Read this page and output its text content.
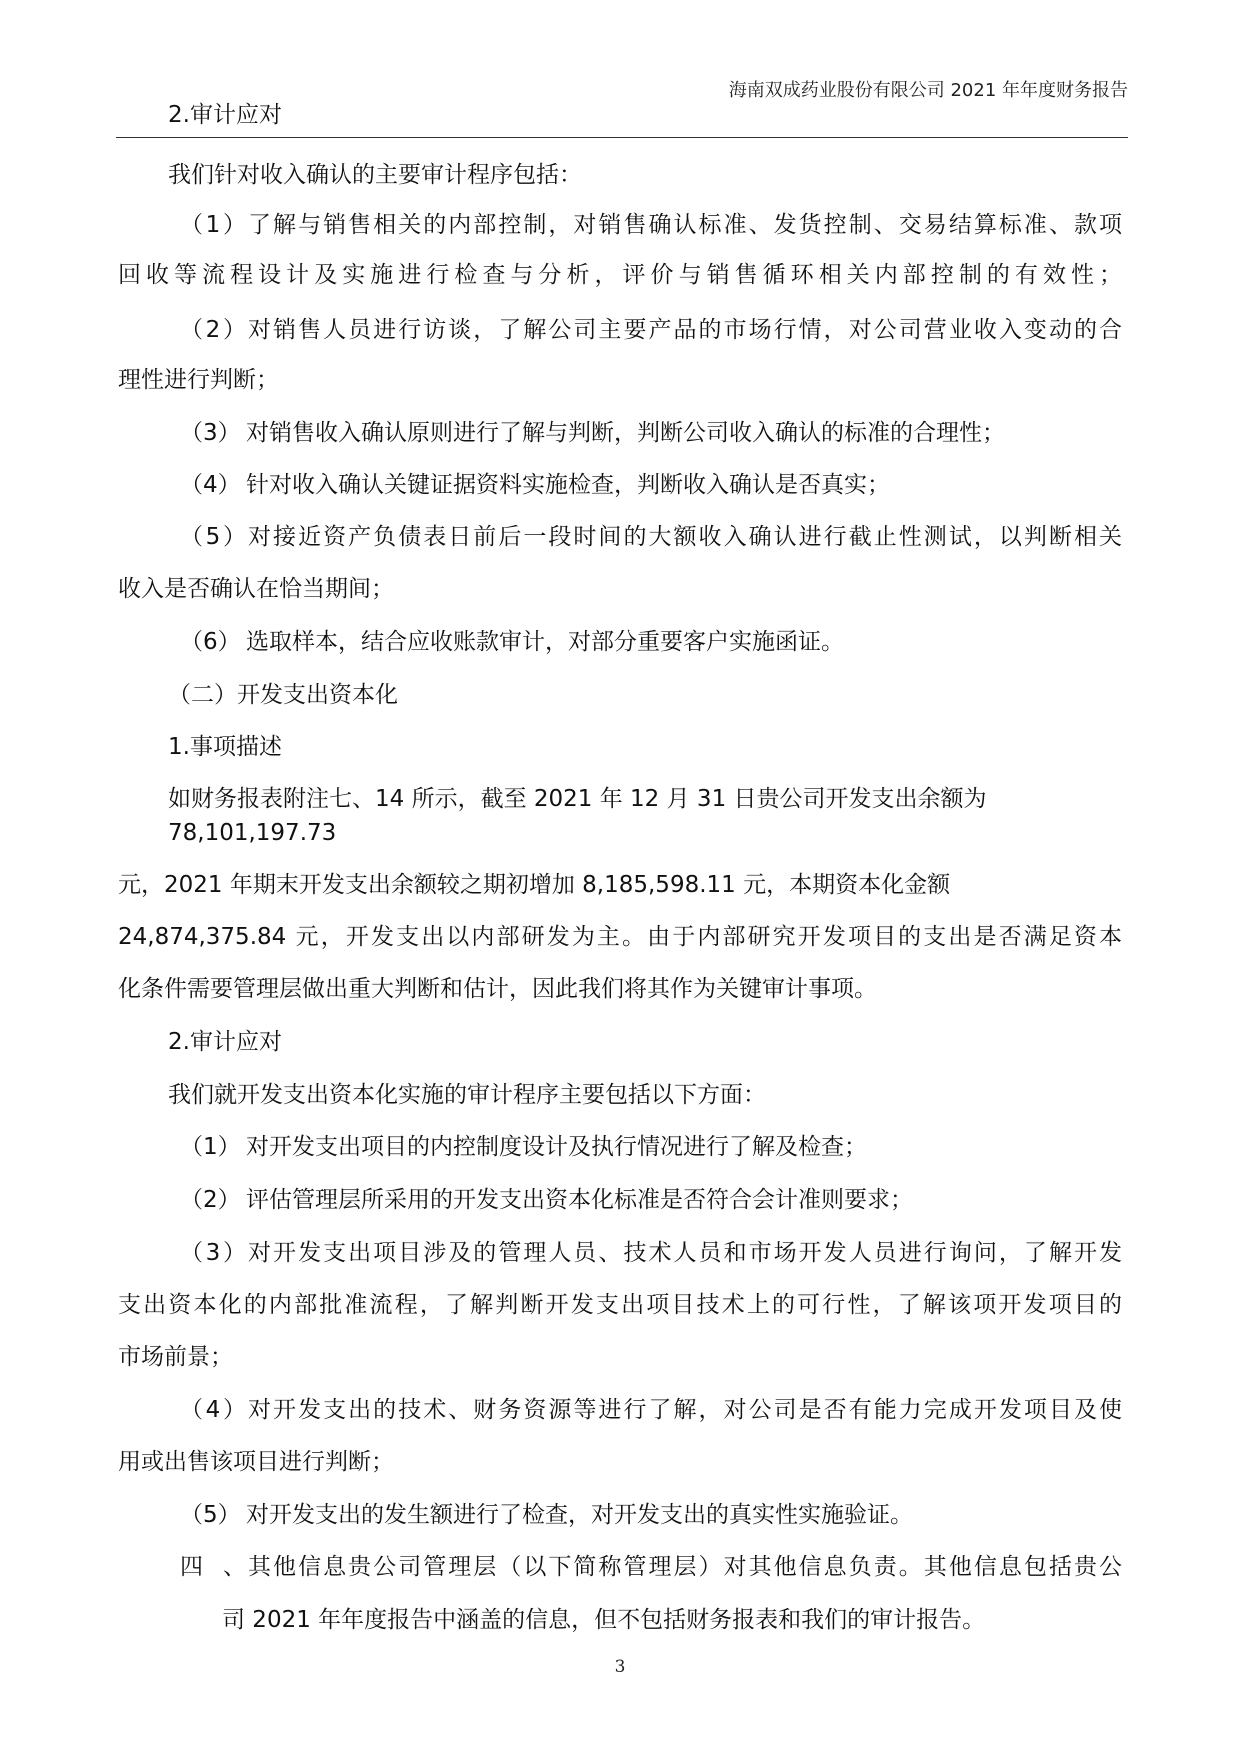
海南双成药业股份有限公司 2021 年年度财务报告
2.审计应对
我们针对收入确认的主要审计程序包括：
（1）了解与销售相关的内部控制，对销售确认标准、发货控制、交易结算标准、款项
回收等流程设计及实施进行检查与分析，评价与销售循环相关内部控制的有效性；
（2）对销售人员进行访谈，了解公司主要产品的市场行情，对公司营业收入变动的合
理性进行判断；
（3） 对销售收入确认原则进行了解与判断，判断公司收入确认的标准的合理性；
（4） 针对收入确认关键证据资料实施检查，判断收入确认是否真实；
（5）对接近资产负债表日前后一段时间的大额收入确认进行截止性测试，以判断相关
收入是否确认在恰当期间；
（6） 选取样本，结合应收账款审计，对部分重要客户实施函证。
（二）开发支出资本化
1.事项描述
如财务报表附注七、14 所示，截至 2021 年 12 月 31 日贵公司开发支出余额为
78,101,197.73
元，2021 年期末开发支出余额较之期初增加 8,185,598.11 元，本期资本化金额
24,874,375.84 元，开发支出以内部研发为主。由于内部研究开发项目的支出是否满足资本
化条件需要管理层做出重大判断和估计，因此我们将其作为关键审计事项。
2.审计应对
我们就开发支出资本化实施的审计程序主要包括以下方面：
（1） 对开发支出项目的内控制度设计及执行情况进行了解及检查；
（2） 评估管理层所采用的开发支出资本化标准是否符合会计准则要求；
（3）对开发支出项目涉及的管理人员、技术人员和市场开发人员进行询问，了解开发
支出资本化的内部批准流程，了解判断开发支出项目技术上的可行性，了解该项开发项目的
市场前景；
（4）对开发支出的技术、财务资源等进行了解，对公司是否有能力完成开发项目及使
用或出售该项目进行判断；
（5） 对开发支出的发生额进行了检查，对开发支出的真实性实施验证。
四、其他信息贵公司管理层（以下简称管理层）对其他信息负责。其他信息包括贵公
司 2021 年年度报告中涵盖的信息，但不包括财务报表和我们的审计报告。
3
